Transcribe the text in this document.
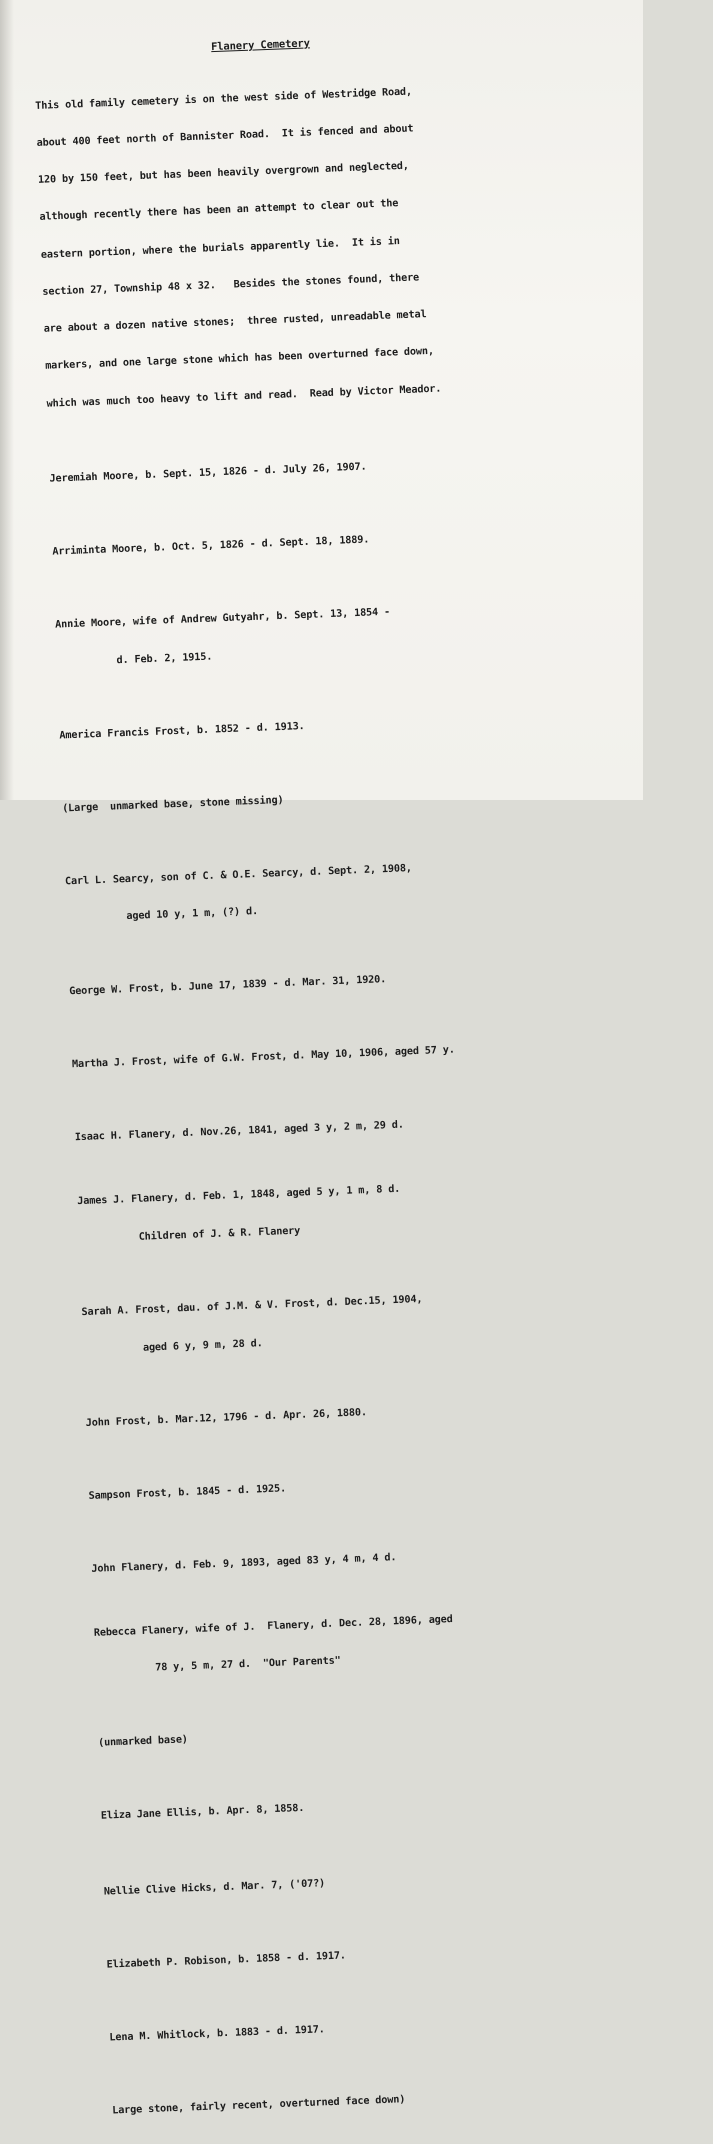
Flanery Cemetery

This old family cemetery is on the west side of Westridge Road,

about 400 feet north of Bannister Road.  It is fenced and about

120 by 150 feet, but has been heavily overgrown and neglected,

although recently there has been an attempt to clear out the

eastern portion, where the burials apparently lie.  It is in

section 27, Township 48 x 32.   Besides the stones found, there

are about a dozen native stones;  three rusted, unreadable metal

markers, and one large stone which has been overturned face down,

which was much too heavy to lift and read.  Read by Victor Meador.

Jeremiah Moore, b. Sept. 15, 1826 - d. July 26, 1907.

Arriminta Moore, b. Oct. 5, 1826 - d. Sept. 18, 1889.

Annie Moore, wife of Andrew Gutyahr, b. Sept. 13, 1854 -

d. Feb. 2, 1915.

America Francis Frost, b. 1852 - d. 1913.

(Large  unmarked base, stone missing)

Carl L. Searcy, son of C. & O.E. Searcy, d. Sept. 2, 1908,

aged 10 y, 1 m, (?) d.

George W. Frost, b. June 17, 1839 - d. Mar. 31, 1920.

Martha J. Frost, wife of G.W. Frost, d. May 10, 1906, aged 57 y.

Isaac H. Flanery, d. Nov.26, 1841, aged 3 y, 2 m, 29 d.

James J. Flanery, d. Feb. 1, 1848, aged 5 y, 1 m, 8 d.

Children of J. & R. Flanery

Sarah A. Frost, dau. of J.M. & V. Frost, d. Dec.15, 1904,

aged 6 y, 9 m, 28 d.

John Frost, b. Mar.12, 1796 - d. Apr. 26, 1880.

Sampson Frost, b. 1845 - d. 1925.

John Flanery, d. Feb. 9, 1893, aged 83 y, 4 m, 4 d.

Rebecca Flanery, wife of J.  Flanery, d. Dec. 28, 1896, aged

78 y, 5 m, 27 d.  "Our Parents"

(unmarked base)

Eliza Jane Ellis, b. Apr. 8, 1858.

Nellie Clive Hicks, d. Mar. 7, ('07?)

Elizabeth P. Robison, b. 1858 - d. 1917.

Lena M. Whitlock, b. 1883 - d. 1917.

Large stone, fairly recent, overturned face down)
